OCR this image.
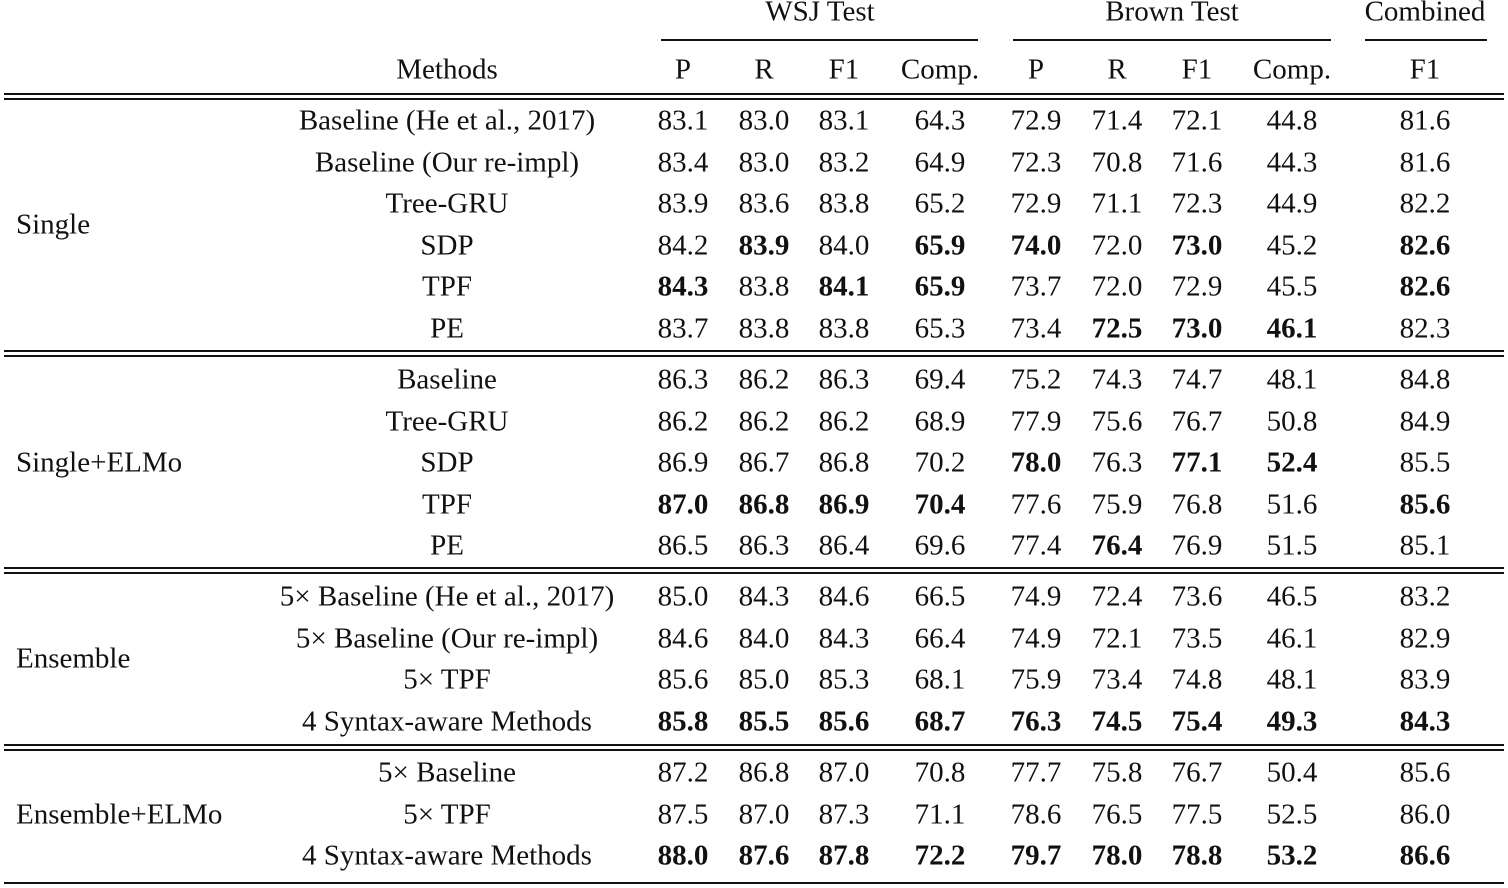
WSJ Test	Brown Test	Combined
Methods	P R F1 Comp. P R F1 Comp.	F1
Single
Baseline (He et al., 2017) 83.1 83.0 83.1 64.3 72.9 71.4 72.1 44.8	81.6
Baseline (Our re-impl)	83.4 83.0 83.2 64.9 72.3 70.8 71.6 44.3	81.6
Tree-GRU	83.9 83.6 83.8 65.2 72.9 71.1 72.3 44.9	82.2
SDP	84.2 83.9 84.0 65.9 74.0 72.0 73.0 45.2	82.6
TPF	84.3 83.8 84.1 65.9 73.7 72.0 72.9 45.5	82.6
PE	83.7 83.8 83.8 65.3 73.4 72.5 73.0 46.1	82.3
Single+ELMo
Baseline	86.3 86.2 86.3 69.4 75.2 74.3 74.7 48.1	84.8
Tree-GRU	86.2 86.2 86.2 68.9 77.9 75.6 76.7 50.8	84.9
SDP	86.9 86.7 86.8 70.2 78.0 76.3 77.1 52.4	85.5
TPF	87.0 86.8 86.9 70.4 77.6 75.9 76.8 51.6	85.6
PE	86.5 86.3 86.4 69.6 77.4 76.4 76.9 51.5	85.1
Ensemble
5× Baseline (He et al., 2017) 85.0 84.3 84.6 66.5 74.9 72.4 73.6 46.5	83.2
5× Baseline (Our re-impl) 84.6 84.0 84.3 66.4 74.9 72.1 73.5 46.1	82.9
5× TPF	85.6 85.0 85.3 68.1 75.9 73.4 74.8 48.1	83.9
4 Syntax-aware Methods 85.8 85.5 85.6 68.7 76.3 74.5 75.4 49.3	84.3
Ensemble+ELMo
5× Baseline	87.2 86.8 87.0 70.8 77.7 75.8 76.7 50.4	85.6
5× TPF	87.5 87.0 87.3 71.1 78.6 76.5 77.5 52.5	86.0
4 Syntax-aware Methods 88.0 87.6 87.8 72.2 79.7 78.0 78.8 53.2	86.6
